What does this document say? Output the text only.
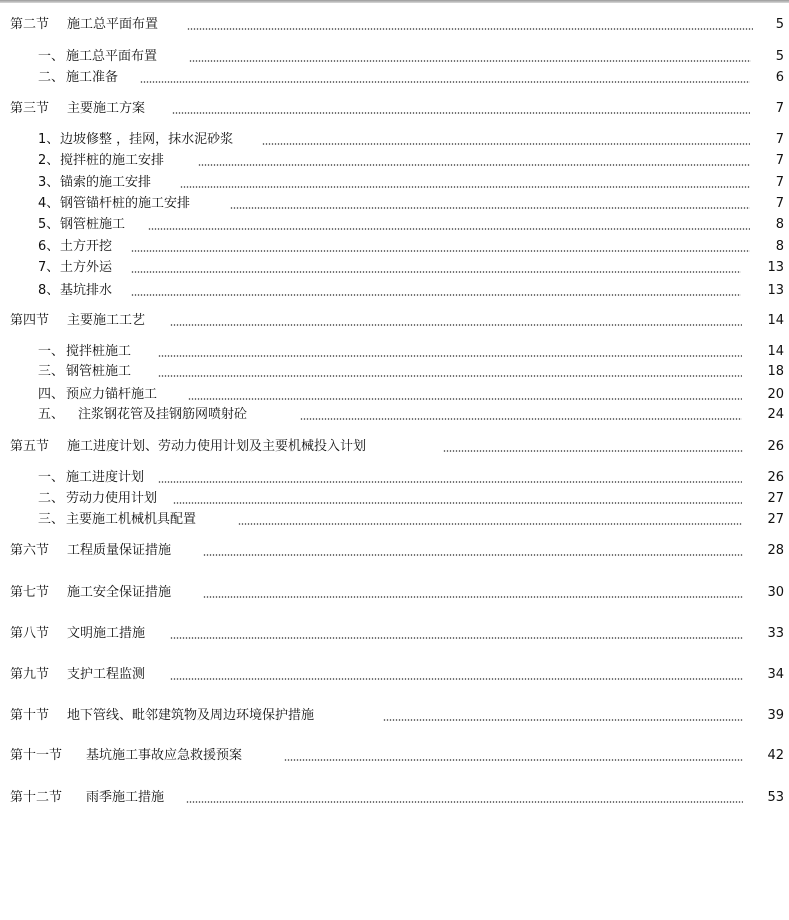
第二节 施工总平面布置	5
一、 施工总平面布置	5
二、 施工准备	6
第三节 主要施工方案	7
1、 边坡修整 ，挂网，抹水泥砂浆	7
2、 搅拌桩的施工安排	7
3、 锚索的施工安排	7
4、 钢管锚杆桩的施工安排	7
5、 钢管桩施工	8
6、 土方开挖	8
7、 土方外运	13
8、 基坑排水	13
第四节 主要施工工艺	14
一、 搅拌桩施工	14
三、 钢管桩施工	18
四、 预应力锚杆施工	20
五、 注浆钢花管及挂钢筋网喷射砼	24
第五节 施工进度计划、劳动力使用计划及主要机械投入计划	26
一、 施工进度计划	26
二、 劳动力使用计划	27
三、 主要施工机械机具配置	27
第六节 工程质量保证措施	28
第七节 施工安全保证措施	30
第八节 文明施工措施	33
第九节 支护工程监测	34
第十节 地下管线、毗邻建筑物及周边环境保护措施	39
第十一节 基坑施工事故应急救援预案	42
第十二节 雨季施工措施	53
